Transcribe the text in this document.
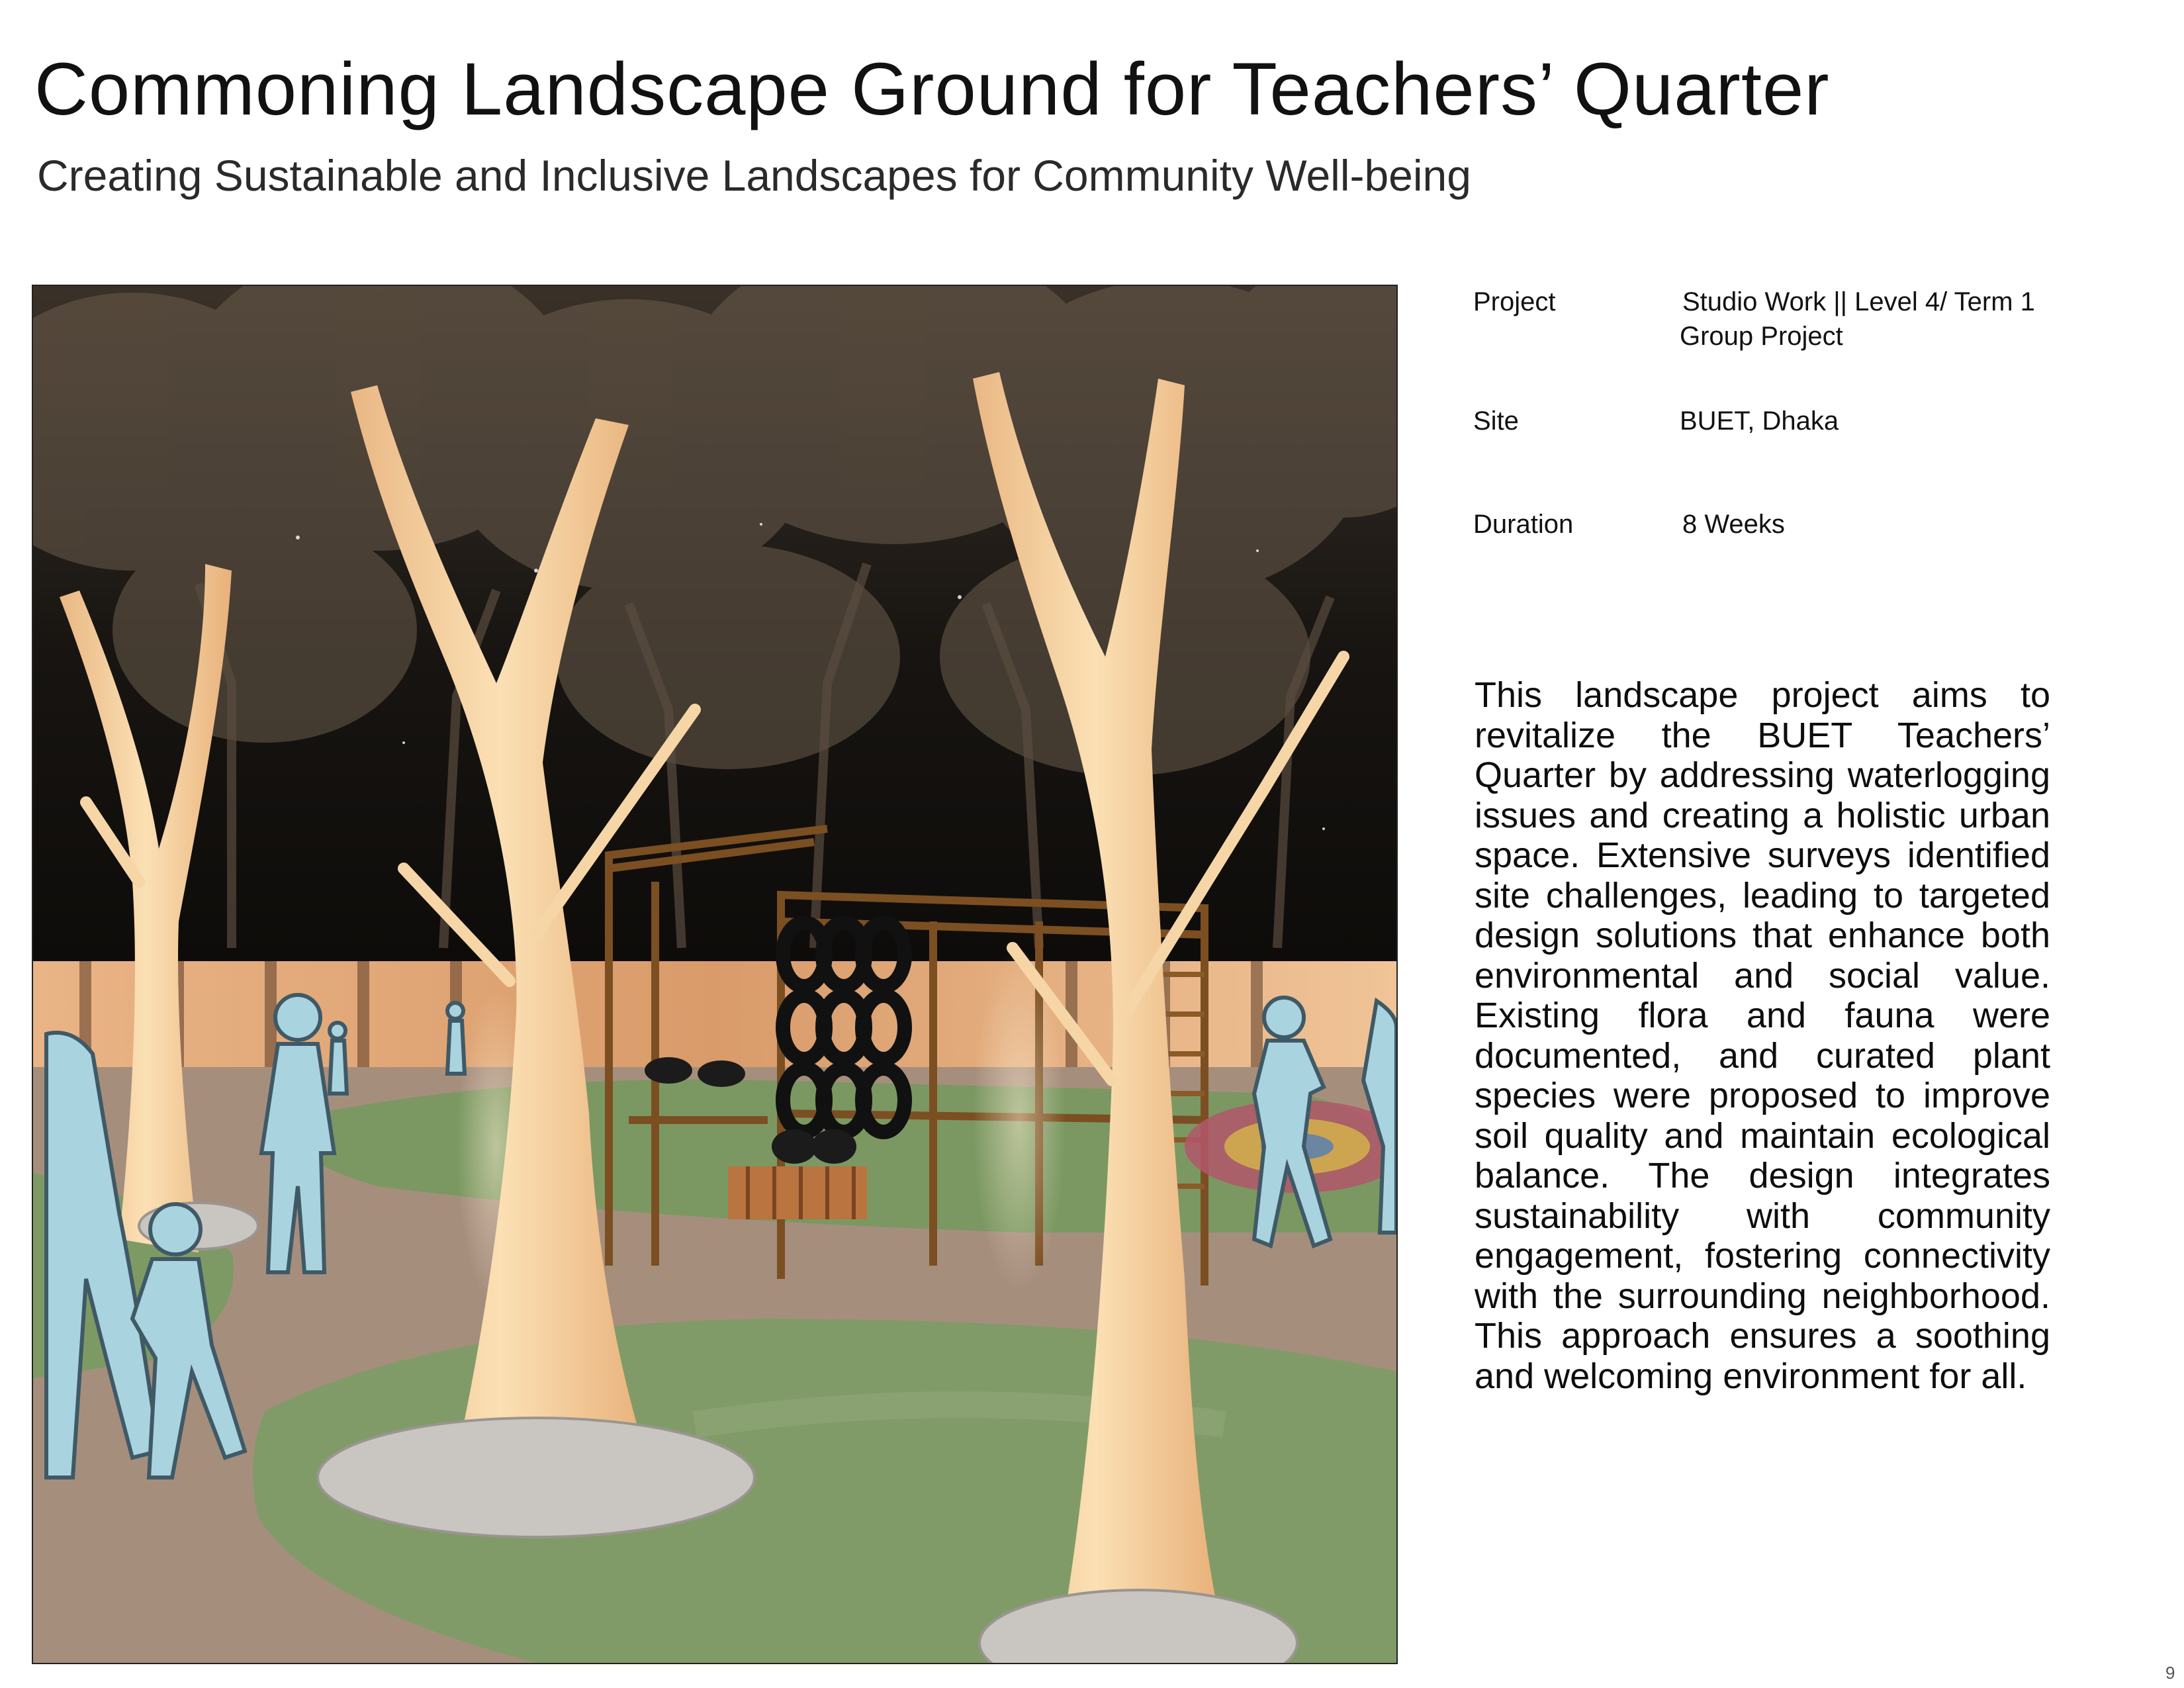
Commoning Landscape Ground for Teachers’ Quarter
Creating Sustainable and Inclusive Landscapes for Community Well-being
Project	Studio Work || Level 4/ Term 1
Group Project
Site	BUET, Dhaka
Duration	8 Weeks
This landscape project aims to revitalize the BUET Teachers’ Quarter by addressing waterlogging issues and creating a holistic urban space. Extensive surveys identified site challenges, leading to targeted design solutions that enhance both environmental and social value. Existing flora and fauna were documented, and curated plant species were proposed to improve soil quality and maintain ecological balance. The design integrates sustainability with community engagement, fostering connectivity with the surrounding neighborhood. This approach ensures a soothing and welcoming environment for all.
9
